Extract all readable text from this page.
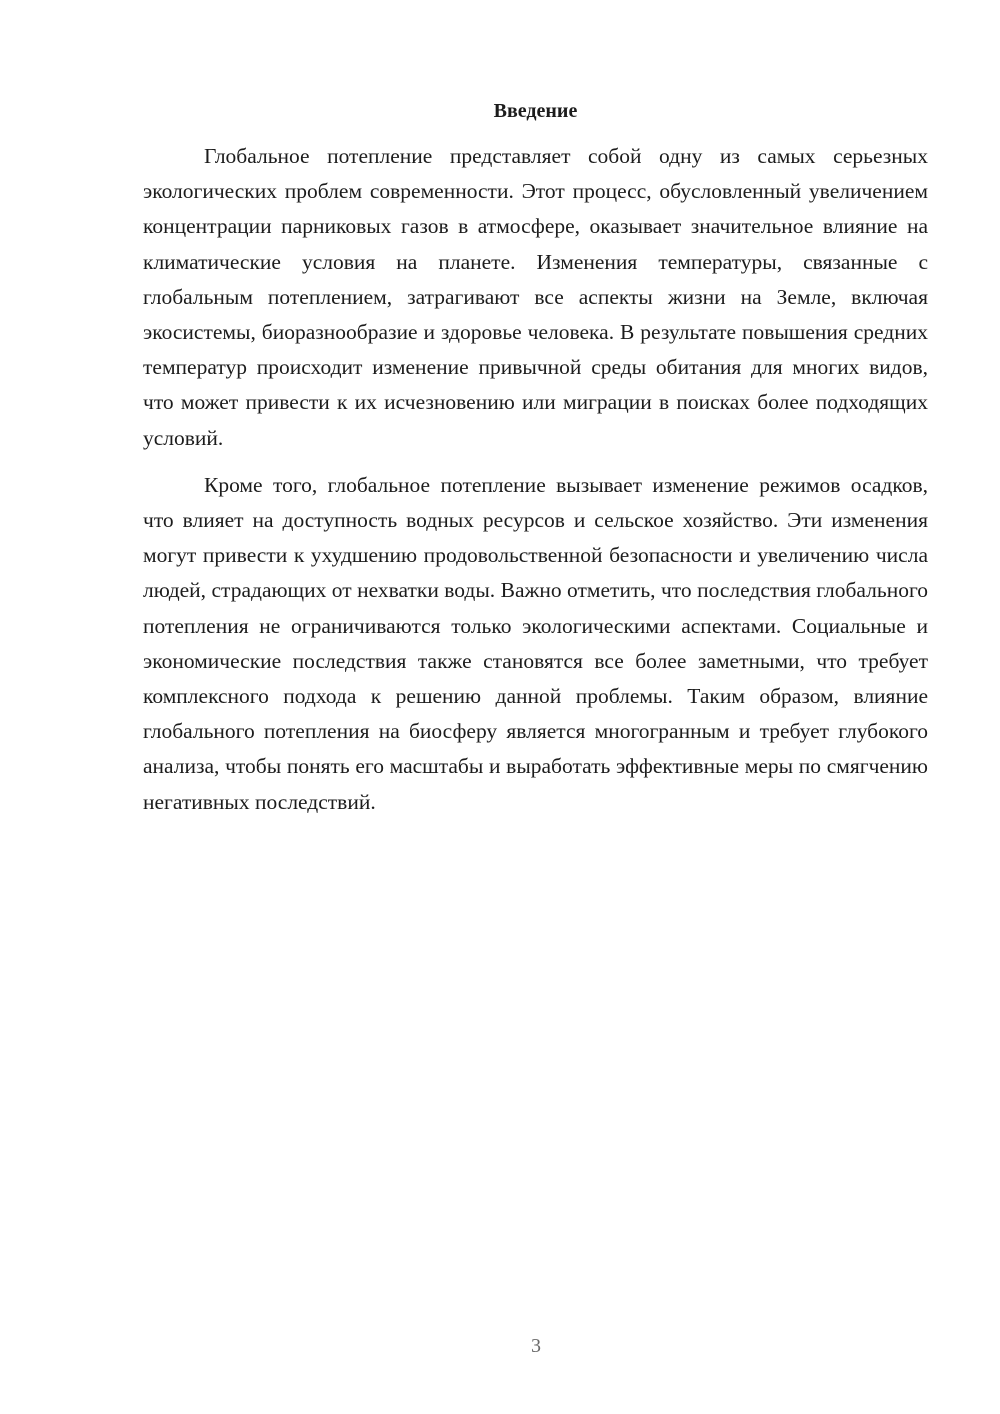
Введение

Глобальное потепление представляет собой одну из самых серьезных экологических проблем современности. Этот процесс, обусловленный увеличением концентрации парниковых газов в атмосфере, оказывает значительное влияние на климатические условия на планете. Изменения температуры, связанные с глобальным потеплением, затрагивают все аспекты жизни на Земле, включая экосистемы, биоразнообразие и здоровье человека. В результате повышения средних температур происходит изменение привычной среды обитания для многих видов, что может привести к их исчезновению или миграции в поисках более подходящих условий.

Кроме того, глобальное потепление вызывает изменение режимов осадков, что влияет на доступность водных ресурсов и сельское хозяйство. Эти изменения могут привести к ухудшению продовольственной безопасности и увеличению числа людей, страдающих от нехватки воды. Важно отметить, что последствия глобального потепления не ограничиваются только экологическими аспектами. Социальные и экономические последствия также становятся все более заметными, что требует комплексного подхода к решению данной проблемы. Таким образом, влияние глобального потепления на биосферу является многогранным и требует глубокого анализа, чтобы понять его масштабы и выработать эффективные меры по смягчению негативных последствий.

3
